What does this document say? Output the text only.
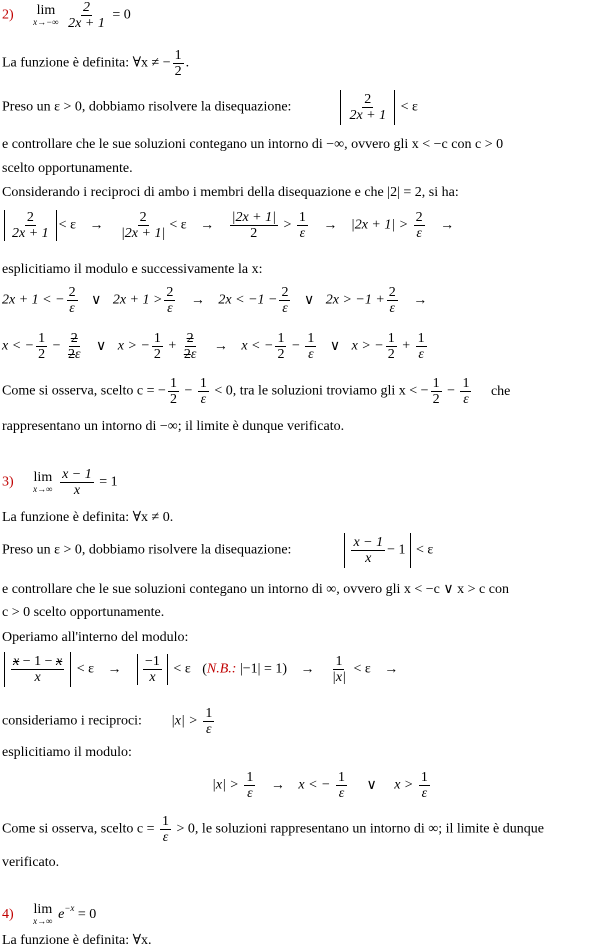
2) lim
x→−∞
$\frac{2}{2x + 1} = 0$
La funzione è definita: ∀x ≠ − $\frac{1}{2}$ .
Preso un ε > 0, dobbiamo risolvere la disequazione:	$\frac{2}{2x + 1} < \varepsilon$
e controllare che le sue soluzioni contegano un intorno di −∞, ovvero gli x < −c con c > 0
scelto opportunamente.
Considerando i reciproci di ambo i membri della disequazione e che |2| = 2, si ha:
$\frac{2}{2x + 1} < \varepsilon \to \frac{2}{|2x + 1|} < \varepsilon \to \frac{|2x + 1|}{2} > \frac{1}{\varepsilon} \to |2x + 1| > \frac{2}{\varepsilon}$ →
esplicitiamo il modulo e successivamente la x:
2x + 1 < − $\frac{2}{\varepsilon}$ ∨ $2x + 1 > \frac{2}{\varepsilon} \to 2x < -1 - \frac{2}{\varepsilon}$ ∨ $2x > -1 + \frac{2}{\varepsilon}$ →
x < − $\frac{1}{2} - \frac{2}{2\varepsilon}$ ∨ x > − $\frac{1}{2} + \frac{2}{2\varepsilon} \to x$ < − $\frac{1}{2} - \frac{1}{\varepsilon}$ ∨ x > − $\frac{1}{2} + \frac{1}{\varepsilon}$
Come si osserva, scelto c = − $\frac{1}{2} - \frac{1}{\varepsilon} < 0$, tra le soluzioni troviamo gli x < − $\frac{1}{2} - \frac{1}{\varepsilon}$ che
rappresentano un intorno di −∞; il limite è dunque verificato.
3) lim
x→∞
$\frac{x - 1}{x} = 1$
La funzione è definita: ∀x ≠ 0.
Preso un ε > 0, dobbiamo risolvere la disequazione:	$\frac{x - 1}{x} - 1 < \varepsilon$
e controllare che le sue soluzioni contegano un intorno di ∞, ovvero gli x < −c ∨ x > c con
c > 0 scelto opportunamente.
Operiamo all'interno del modulo:
$\frac{x - 1 - x}{x} < \varepsilon \to \frac{-1}{x} < \varepsilon$ (N.B.: $|-1| = 1) \to \frac{1}{|x|} < \varepsilon$ →
consideriamo i reciproci: $|x| > \frac{1}{\varepsilon}$
esplicitiamo il modulo:
$|x| > \frac{1}{\varepsilon} \to x$ < − $\frac{1}{\varepsilon}$ ∨ $x > \frac{1}{\varepsilon}$
Come si osserva, scelto $c = \frac{1}{\varepsilon} > 0$, le soluzioni rappresentano un intorno di ∞; il limite è dunque
verificato.
4) lim
x→∞ $e^{-x} = 0$
La funzione è definita: ∀x.
